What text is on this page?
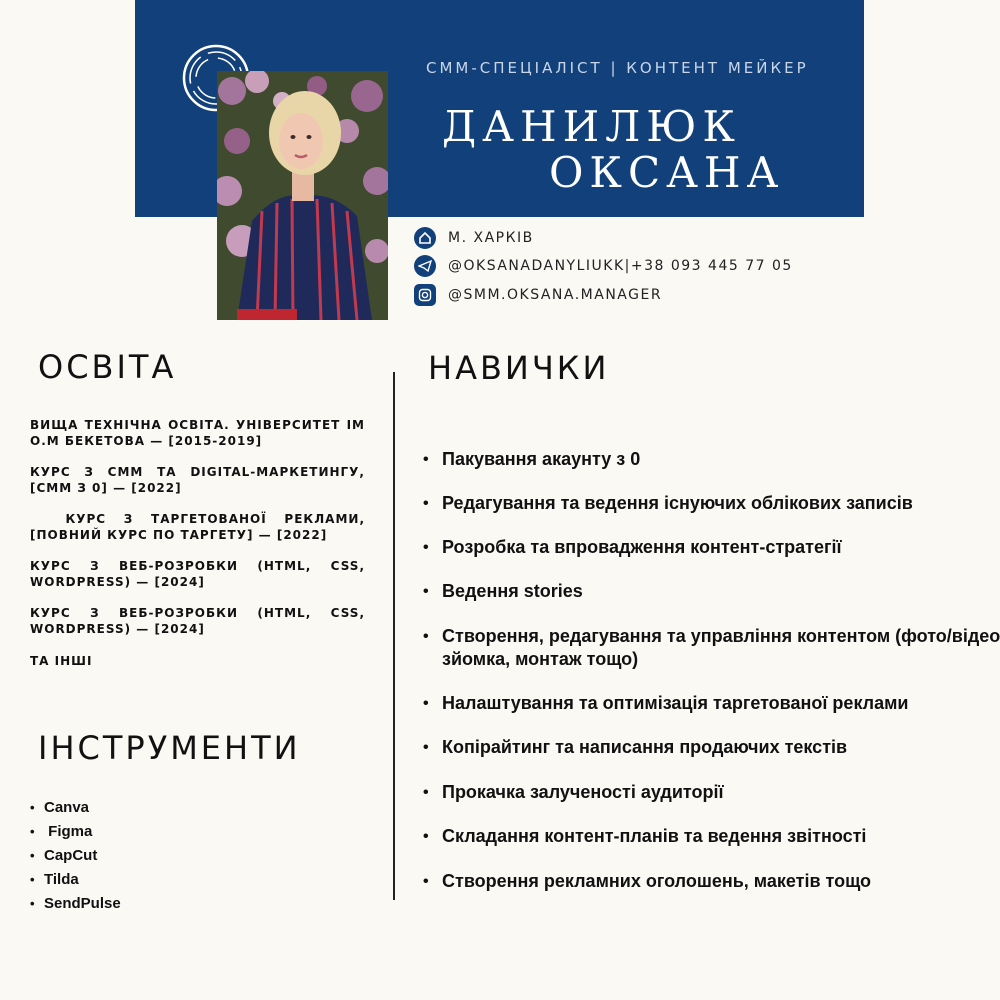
СММ-СПЕЦІАЛІСТ | КОНТЕНТ МЕЙКЕР
ДАНИЛЮК
ОКСАНА
М. ХАРКІВ
@OKSANADANYLIUKK|+38 093 445 77 05
@SMM.OKSANA.MANAGER
ОСВІТА
ВИЩА ТЕХНІЧНА ОСВІТА. УНІВЕРСИТЕТ ІМ О.М БЕКЕТОВА — [2015-2019]
КУРС З СММ ТА DIGITAL-МАРКЕТИНГУ, [СММ З 0] — [2022]
КУРС З ТАРГЕТОВАНОЇ РЕКЛАМИ, [ПОВНИЙ КУРС ПО ТАРГЕТУ] — [2022]
КУРС З ВЕБ-РОЗРОБКИ (HTML, CSS, WORDPRESS) — [2024]
КУРС З ВЕБ-РОЗРОБКИ (HTML, CSS, WORDPRESS) — [2024]
ТА ІНШІ
ІНСТРУМЕНТИ
• Canva
•  Figma
• CapCut
• Tilda
• SendPulse
НАВИЧКИ
• Пакування акаунту з 0
• Редагування та ведення існуючих облікових записів
• Розробка та впровадження контент-стратегії
• Ведення stories
• Створення, редагування та управління контентом (фото/відео зйомка, монтаж тощо)
• Налаштування та оптимізація таргетованої реклами
• Копірайтинг та написання продаючих текстів
• Прокачка залученості аудиторії
• Складання контент-планів та ведення звітності
• Створення рекламних оголошень, макетів тощо
